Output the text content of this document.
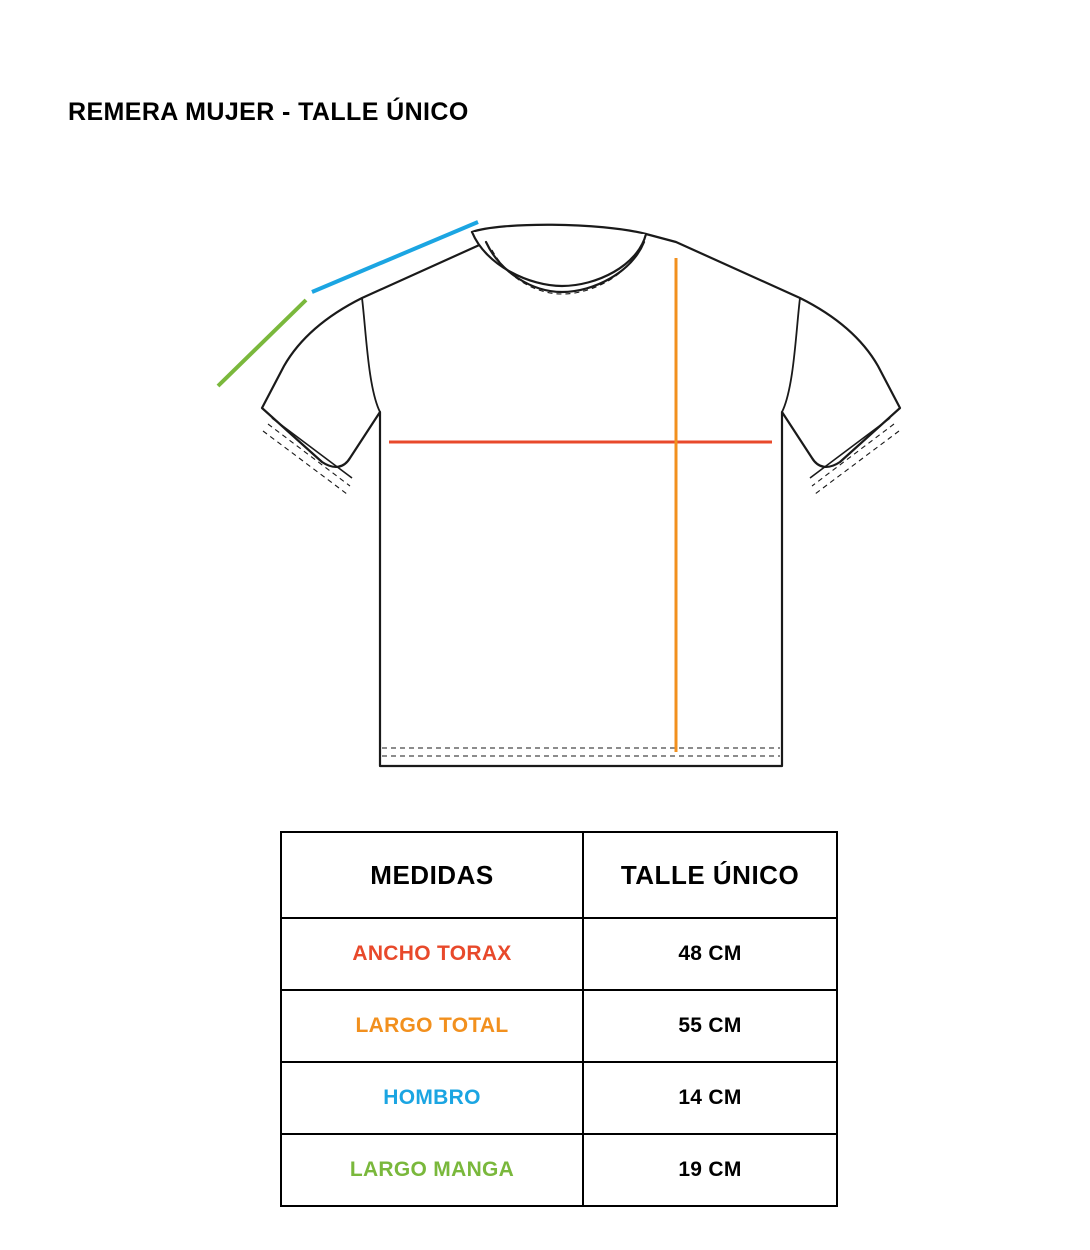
REMERA MUJER - TALLE ÚNICO
MEDIDAS	TALLE ÚNICO
ANCHO TORAX	48 CM
LARGO TOTAL	55 CM
HOMBRO	14 CM
LARGO MANGA	19 CM
